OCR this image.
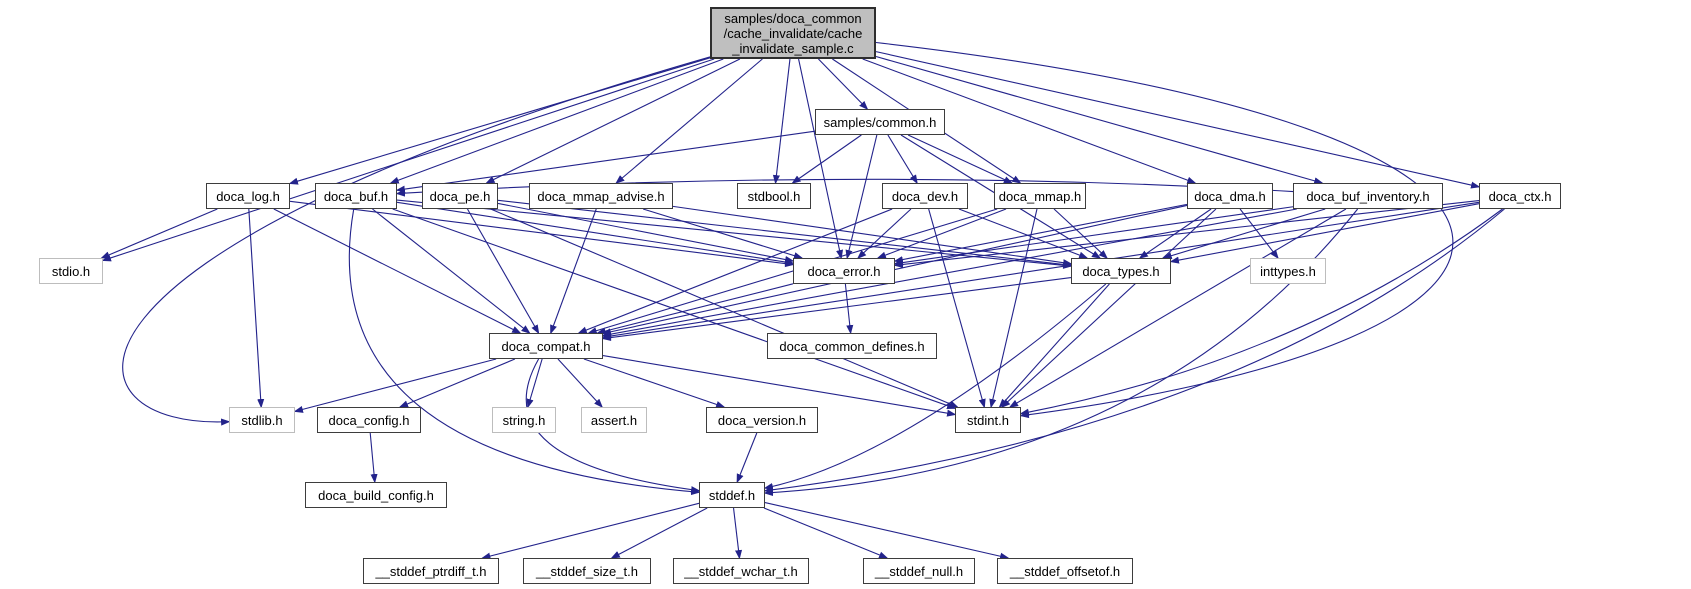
samples/doca_common
/cache_invalidate/cache
_invalidate_sample.c
samples/common.h
doca_log.h	doca_buf.h	doca_pe.h	doca_mmap_advise.h	stdbool.h	doca_dev.h	doca_mmap.h	doca_dma.h	doca_buf_inventory.h	doca_ctx.h
stdio.h	doca_error.h	doca_types.h	inttypes.h
doca_compat.h	doca_common_defines.h
stdlib.h	doca_config.h	string.h	assert.h	doca_version.h	stdint.h
doca_build_config.h	stddef.h
__stddef_ptrdiff_t.h	__stddef_size_t.h	__stddef_wchar_t.h	__stddef_null.h	__stddef_offsetof.h
